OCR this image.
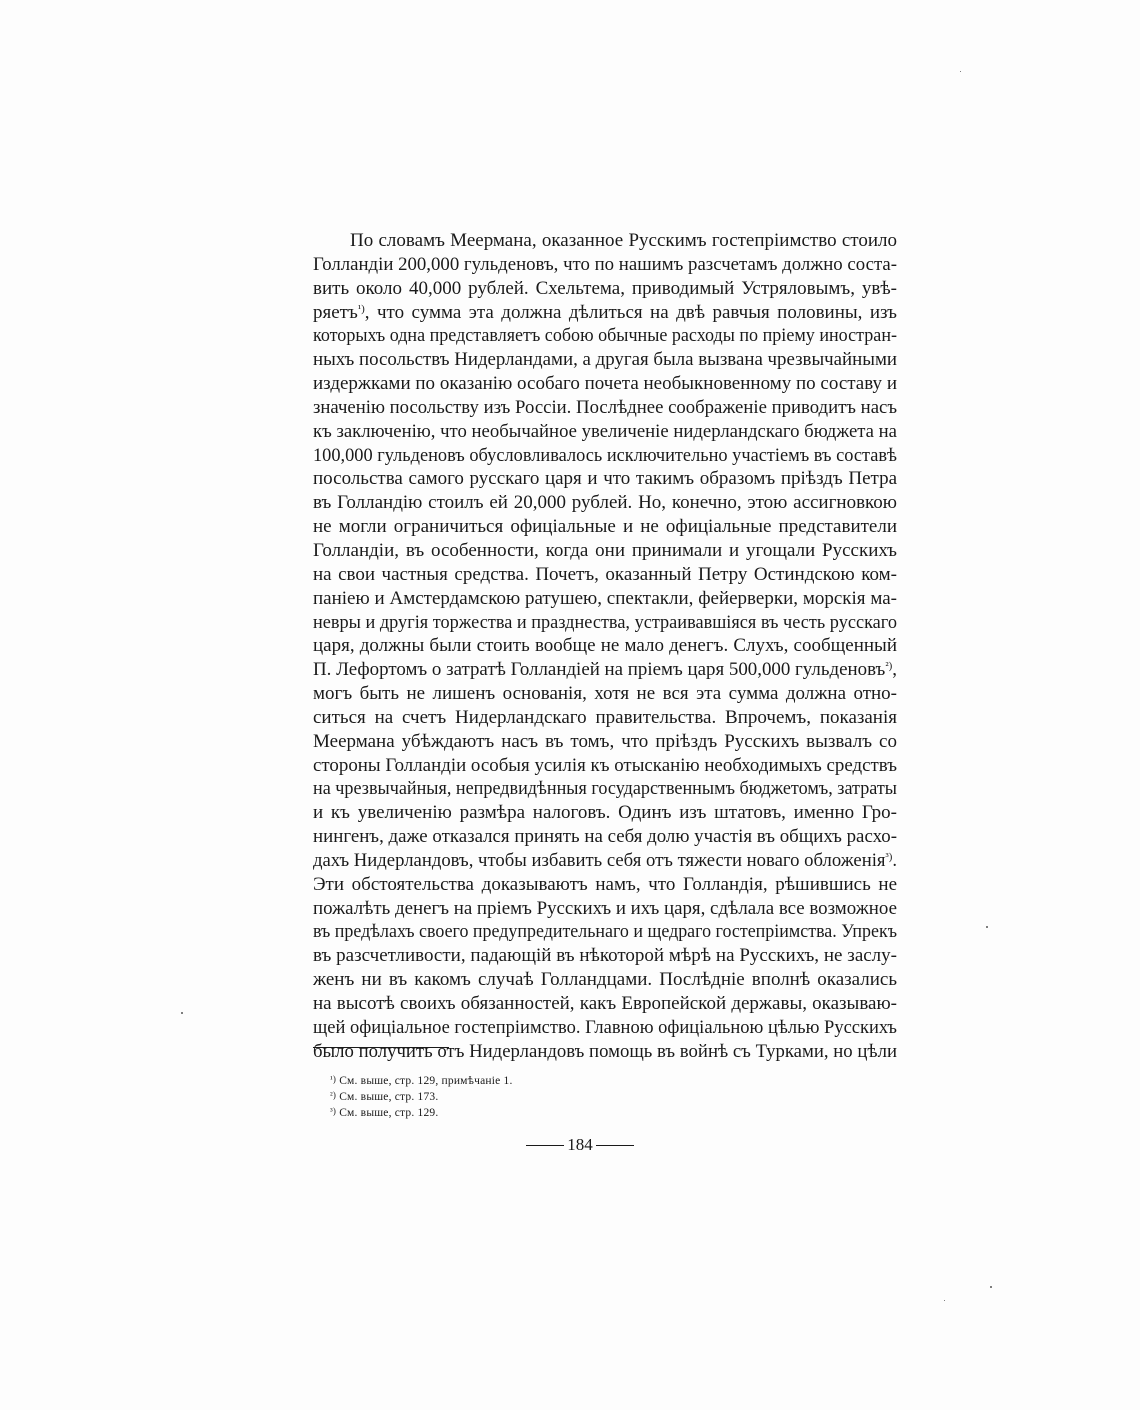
По словамъ Меермана, оказанное Русскимъ гостепріимство стоило
Голландіи 200,000 гульденовъ, что по нашимъ разсчетамъ должно соста-
вить около 40,000 рублей. Схельтема, приводимый Устряловымъ, увѣ-
ряетъ$^{^1)}$, что сумма эта должна дѣлиться на двѣ равчыя половины, изъ
которыхъ одна представляетъ собою обычные расходы по пріему иностран-
ныхъ посольствъ Нидерландами, а другая была вызвана чрезвычайными
издержками по оказанію особаго почета необыкновенному по составу и
значенію посольству изъ Россіи. Послѣднее соображеніе приводитъ насъ
къ заключенію, что необычайное увеличеніе нидерландскаго бюджета на
100,000 гульденовъ обусловливалось исключительно участіемъ въ составѣ
посольства самого русскаго царя и что такимъ образомъ пріѣздъ Петра
въ Голландію стоилъ ей 20,000 рублей. Но, конечно, этою ассигновкою
не могли ограничиться офиціальные и не офиціальные представители
Голландіи, въ особенности, когда они принимали и угощали Русскихъ
на свои частныя средства. Почетъ, оказанный Петру Остиндскою ком-
паніею и Амстердамскою ратушею, спектакли, фейерверки, морскія ма-
невры и другія торжества и празднества, устраивавшіяся въ честь русскаго
царя, должны были стоить вообще не мало денегъ. Слухъ, сообщенный
П. Лефортомъ о затратѣ Голландіей на пріемъ царя 500,000 гульденовъ$^{^2)}$,
могъ быть не лишенъ основанія, хотя не вся эта сумма должна отно-
ситься на счетъ Нидерландскаго правительства. Впрочемъ, показанія
Меермана убѣждаютъ насъ въ томъ, что пріѣздъ Русскихъ вызвалъ со
стороны Голландіи особыя усилія къ отысканію необходимыхъ средствъ
на чрезвычайныя, непредвидѣнныя государственнымъ бюджетомъ, затраты
и къ увеличенію размѣра налоговъ. Одинъ изъ штатовъ, именно Гро-
нингенъ, даже отказался принять на себя долю участія въ общихъ расхо-
дахъ Нидерландовъ, чтобы избавить себя отъ тяжести новаго обложенія$^{^3)}$.
Эти обстоятельства доказываютъ намъ, что Голландія, рѣшившись не
пожалѣть денегъ на пріемъ Русскихъ и ихъ царя, сдѣлала все возможное
въ предѣлахъ своего предупредительнаго и щедраго гостепріимства. Упрекъ
въ разсчетливости, падающій въ нѣкоторой мѣрѣ на Русскихъ, не заслу-
женъ ни въ какомъ случаѣ Голландцами. Послѣдніе вполнѣ оказались
на высотѣ своихъ обязанностей, какъ Европейской державы, оказываю-
щей офиціальное гостепріимство. Главною офиціальною цѣлью Русскихъ
было получить отъ Нидерландовъ помощь въ войнѣ съ Турками, но цѣли
¹) См. выше, стр. 129, примѣчаніе 1.
²) См. выше, стр. 173.
³) См. выше, стр. 129.
184
